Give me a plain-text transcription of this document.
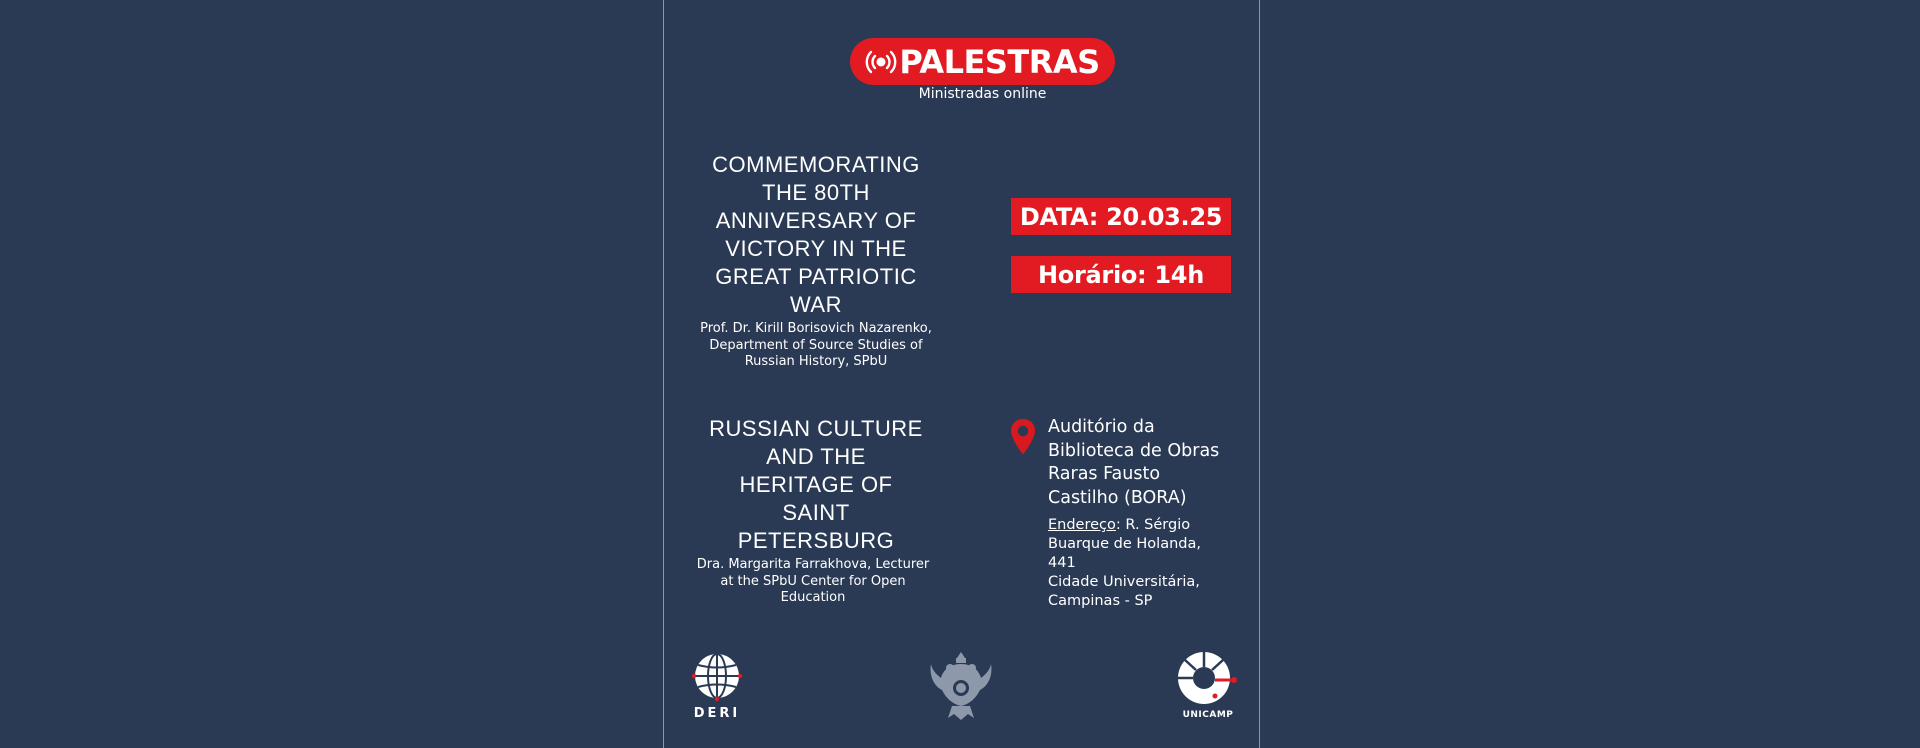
PALESTRAS
Ministradas online
COMMEMORATING
THE 80TH
ANNIVERSARY OF
VICTORY IN THE
GREAT PATRIOTIC
WAR
Prof. Dr. Kirill Borisovich Nazarenko,
Department of Source Studies of
Russian History, SPbU
RUSSIAN CULTURE
AND THE
HERITAGE OF
SAINT
PETERSBURG
Dra. Margarita Farrakhova, Lecturer
at the SPbU Center for Open
Education
DATA: 20.03.25
Horário: 14h
Auditório da
Biblioteca de Obras
Raras Fausto
Castilho (BORA)
Endereço: R. Sérgio
Buarque de Holanda,
441
Cidade Universitária,
Campinas - SP
DERI	UNICAMP
